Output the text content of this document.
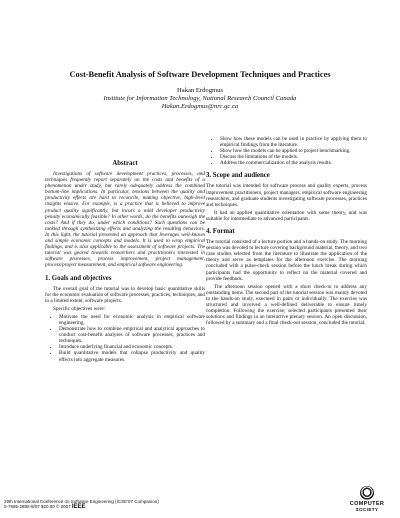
Cost-Benefit Analysis of Software Development Techniques and Practices
Hakan Erdogmus
Institute for Information Technology, National Research Council Canada
Hakan.Erdogmus@nrc.gc.ca
Abstract

Investigations of software development practices, processes, and techniques frequently report separately on the costs and benefits of a phenomenon under study, but rarely adequately address the combined bottom-line implications. In particular, tensions between the quality and productivity effects are hard to reconcile, making objective, high-level insights elusive. For example, is a practice that is believed to improve product quality significantly, but incurs a mild developer productivity penalty economically feasible? In other words, do the benefits outweigh the costs? And if they do, under which conditions? Such questions can be tackled through synthesizing effects and analyzing the resulting behaviors. In this light, the tutorial presented an approach that leverages well-known and simple economic concepts and models. It is used to wrap empirical findings, and is also applicable to the assessment of software projects. The tutorial was geared towards researchers and practitioners interested in software processes, process improvement, project management, process/project measurement, and empirical software engineering.

1. Goals and objectives

The overall goal of the tutorial was to develop basic quantitative skills for the economic evaluation of software processes, practices, techniques, and to a limited extent, software projects.

Specific objectives were:

• Motivate the need for economic analysis in empirical software engineering.
• Demonstrate how to combine empirical and analytical approaches to conduct cost-benefit analyses of software processes, practices and techniques.
• Introduce underlying financial and economic concepts.
• Build quantitative models that collapse productivity and quality effects into aggregate measures.
• Show how these models can be used in practice by applying them to empirical findings from the literature.
• Show how the models can be applied to project benchmarking.
• Discuss the limitations of the models.
• Address the commercialization of the analysis results.
3. Scope and audience

The tutorial was intended for software process and quality experts, process improvement practitioners, project managers, empirical software engineering researchers, and graduate students investigating software processes, practices and techniques.

It had an applied quantitative orientation with some theory, and was suitable for intermediate to advanced participants.

4. Format

The tutorial consisted of a lecture portion and a hands-on study. The morning session was devoted to lecture covering background material, theory, and two case studies selected from the literature to illustrate the application of the theory and serve as templates for the afternoon exercise. The morning concluded with a pulse-check session before the lunch break during which participants had the opportunity to reflect on the material covered and provide feedback.

The afternoon session opened with a short check-in to address any outstanding items. The second part of the tutorial session was mainly devoted to the hands-on study, executed in pairs or individually. The exercise was structured and involved a well-defined deliverable to ensure timely completion. Following the exercise, selected participants presented their solutions and findings in an interactive plenary session. An open discussion, followed by a summary and a final check-out session, concluded the tutorial.

29th International Conference on Software Engineering (ICSE'07 Companion)
0-7695-2892-9/07 $20.00 © 2007 IEEE	COMPUTER
SOCIETY
